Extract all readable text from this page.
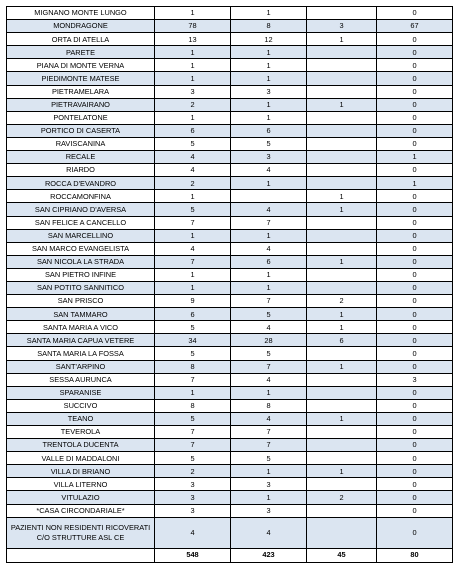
MIGNANO MONTE LUNGO	1	1		0
MONDRAGONE	78	8	3	67
ORTA DI ATELLA	13	12	1	0
PARETE	1	1		0
PIANA DI MONTE VERNA	1	1		0
PIEDIMONTE MATESE	1	1		0
PIETRAMELARA	3	3		0
PIETRAVAIRANO	2	1	1	0
PONTELATONE	1	1		0
PORTICO DI CASERTA	6	6		0
RAVISCANINA	5	5		0
RECALE	4	3		1
RIARDO	4	4		0
ROCCA D'EVANDRO	2	1		1
ROCCAMONFINA	1		1	0
SAN CIPRIANO D'AVERSA	5	4	1	0
SAN FELICE A CANCELLO	7	7		0
SAN MARCELLINO	1	1		0
SAN MARCO EVANGELISTA	4	4		0
SAN NICOLA LA STRADA	7	6	1	0
SAN PIETRO INFINE	1	1		0
SAN POTITO SANNITICO	1	1		0
SAN PRISCO	9	7	2	0
SAN TAMMARO	6	5	1	0
SANTA MARIA A VICO	5	4	1	0
SANTA MARIA CAPUA VETERE	34	28	6	0
SANTA MARIA LA FOSSA	5	5		0
SANT'ARPINO	8	7	1	0
SESSA AURUNCA	7	4		3
SPARANISE	1	1		0
SUCCIVO	8	8		0
TEANO	5	4	1	0
TEVEROLA	7	7		0
TRENTOLA DUCENTA	7	7		0
VALLE DI MADDALONI	5	5		0
VILLA DI BRIANO	2	1	1	0
VILLA LITERNO	3	3		0
VITULAZIO	3	1	2	0
*CASA CIRCONDARIALE*	3	3		0
PAZIENTI NON RESIDENTI RICOVERATI C/O STRUTTURE ASL CE	4	4		0
	548	423	45	80
